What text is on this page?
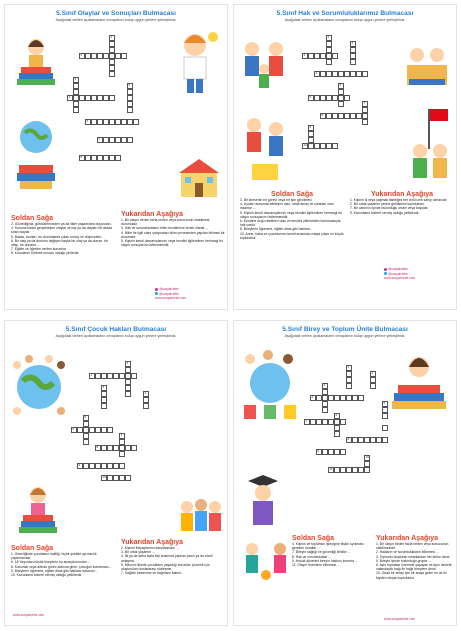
5.Sınıf Olaylar ve Sonuçları Bulmacası
Aşağıdaki verilen açıklamaların cevaplarını bulup uygun yerlere yerleştiriniz.
1
2
3
4
5
6
7
8
Soldan Sağa
2. Gözlediğiniz, gördüklerinizden ya da ilkler yaşantılara duyuruları.
4. Sonuna kadar gerçekleşen olaylar ve kişi ya da olayları bir arada tutan olaylar.
5. Başka, bunları, bu durumlarda çıkan sonuç ve düşünceler.
6. Bir olay ya da durumu değişen başka bir olay ya da durum, bir olayı, bir durumu ...
7. Eğitim ve öğretim verilen kurumlar.
8. Konularını bölerek sonucu olduğu yerlerdir.
Yukarıdan Aşağıya
1. Bir olayın birden fazla neden veya sonucunun olabilmesi durumudur.
3. Hak ve sorumlulukların bilen kendilerine örnek olarak ...
4. Bilim ile ilgili olanı çalışmaları bilim çevresinden yapılan bilimsel bir durumdur.
5. Kişinin kendi davranışlarının veya kendini ilgilendiren herhangi bir olayın sonuçlarını üstlenmesidir.
@sosyalciebe

@sosyalciebe

www.sosyalciebe.com
5.Sınıf Hak ve Sorumluluklarımız Bulmacası
Aşağıdaki verilen açıklamaların cevaplarını bulup uygun yerlere yerleştiriniz.
1
2
3
4
5
6
7
8
9
10
Soldan Sağa
3. Bir kimsenin bir görevi veya bir işin görülmesi.
4. Uyuları arasında etkileşim olan, ortak amaç ve çıkarları olan insanlar ...
5. Kişinin kendi davranışlarının veya kendini ilgilendiren herhangi bir olayın sonuçlarını üstlenmesidir.
6. Kendine özgü nitelikleri olan ve kendini yitirmekten bulunmasıyla hak vardır.
8. Bireylerin öğrenme, eğitim alma gibi haklara...
10. Anne, baba ve çocuklarının kendi arasında ortaya çıkan en küçük topluluktur.
Yukarıdan Aşağıya
1. Kişinin iş veya yapmak istediğini her türlü izne sahip olmasıdır.
2. Bir ortak yaşamın yerine getirilmesi toplulukları.
7. Bir canlının içinde bulunduğu ortam veya koşullar.
9. Kanunların bizlere vermiş olduğu yetkilerdir.
@sosyalciebe

@sosyalciebe

www.sosyalciebe.com
5.Sınıf Çocuk Hakları Bulmacası
Aşağıdaki verilen açıklamaların cevaplarını bulup uygun yerlere yerleştiriniz.
2
1
3
4
5
6
7
8
9
10
Soldan Sağa
1. Geneliğinde çocukların eşitliği, hiçbir şekilde ayrımcılık yapılmaması.
6. 18 Yaşından küçük bireylerin bu amaçla kurulan ...
8. Kanunlar veya ailenin görev alanına giren, çocuğun korunması...
9. Bireylerin öğrenme, eğitim alma gibi haklara hukukun ...
10. Kanunların bizlere vermiş olduğu yetkilerdir.
Yukarıdan Aşağıya
2. Kişinin ihtiyaçlarının karşılanması ...
3. Bir ortak yaşamın ...
4. İki ya da daha fazla kişi arasında yapılan yazılı ya da sözlü anlaşma...
5. Mevcut ülkede çocukların yaşadığı sorunları çözmek için oluşturulan uluslararası sözleşme.
7. Sağlıklı beslenme ve bağımsız bakım...
www.sosyalciebe.com
5.Sınıf Birey ve Toplum Ünite Bulmacası
Aşağıdaki verilen açıklamaların cevaplarını bulup uygun yerlere yerleştiriniz.
1
2
3
4
5
6
7
8
9
10
11
Soldan Sağa
4. Kişinin ve toplumun işleyişine ilişkin uyulması gereken kurallar ...
7. Bireyin sağlığı ve güvenliği tehlike ...
8. Hak ve sorumluluklar ...
9. Hukuk düzenini bireyin hakkını koruma ...
11. Olayın öneminin bilinmesi ...
Yukarıdan Aşağıya
1. Bir olayın birden fazla neden veya sonucunun olabilmesidir.
2. Hakların ve sorumlulukların bilinmesi ...
3. Toplumu oluşturan insanlardan her birine denir.
5. Bireyin içinde bulunduğu grupta ...
6. Aynı topraklar üzerinde yaşayan ve aynı devlete vatandaşlık bağı ile bağlı bireylere denir.
10. Ortak bir amaç için bir araya gelen en az iki kişiden oluşan topluluktur.
www.sosyalciebe.com
